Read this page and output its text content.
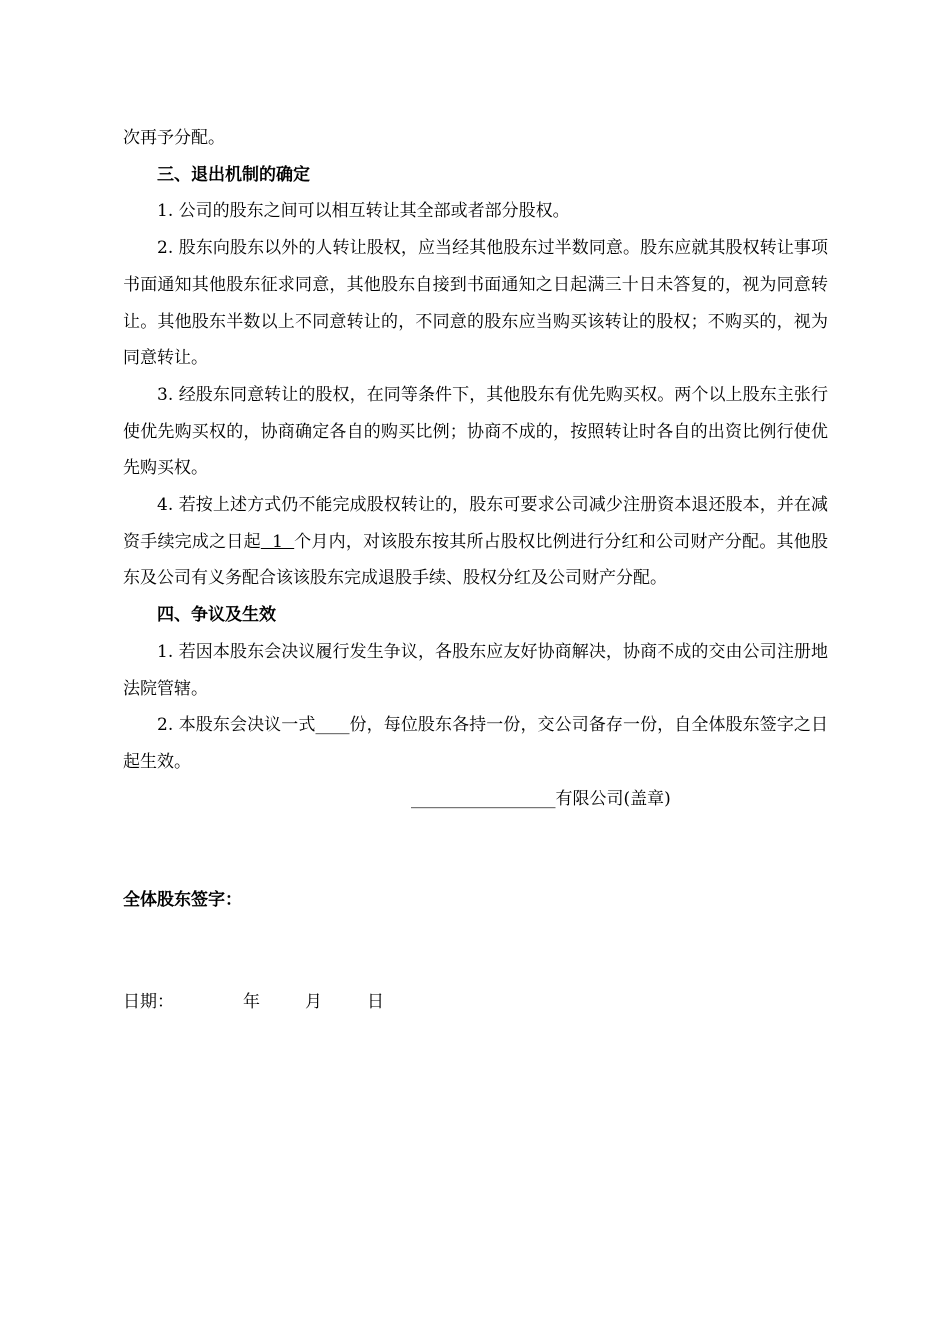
次再予分配。

三、退出机制的确定

1. 公司的股东之间可以相互转让其全部或者部分股权。

2. 股东向股东以外的人转让股权，应当经其他股东过半数同意。股东应就其股权转让事项书面通知其他股东征求同意，其他股东自接到书面通知之日起满三十日未答复的，视为同意转让。其他股东半数以上不同意转让的，不同意的股东应当购买该转让的股权；不购买的，视为同意转让。

3. 经股东同意转让的股权，在同等条件下，其他股东有优先购买权。两个以上股东主张行使优先购买权的，协商确定各自的购买比例；协商不成的，按照转让时各自的出资比例行使优先购买权。

4. 若按上述方式仍不能完成股权转让的，股东可要求公司减少注册资本退还股本，并在减资手续完成之日起  1  个月内，对该股东按其所占股权比例进行分红和公司财产分配。其他股东及公司有义务配合该该股东完成退股手续、股权分红及公司财产分配。

四、争议及生效

1. 若因本股东会决议履行发生争议，各股东应友好协商解决，协商不成的交由公司注册地法院管辖。

2. 本股东会决议一式____份，每位股东各持一份，交公司备存一份，自全体股东签字之日起生效。

_________________有限公司(盖章)

全体股东签字：
日期：	年	月	日
